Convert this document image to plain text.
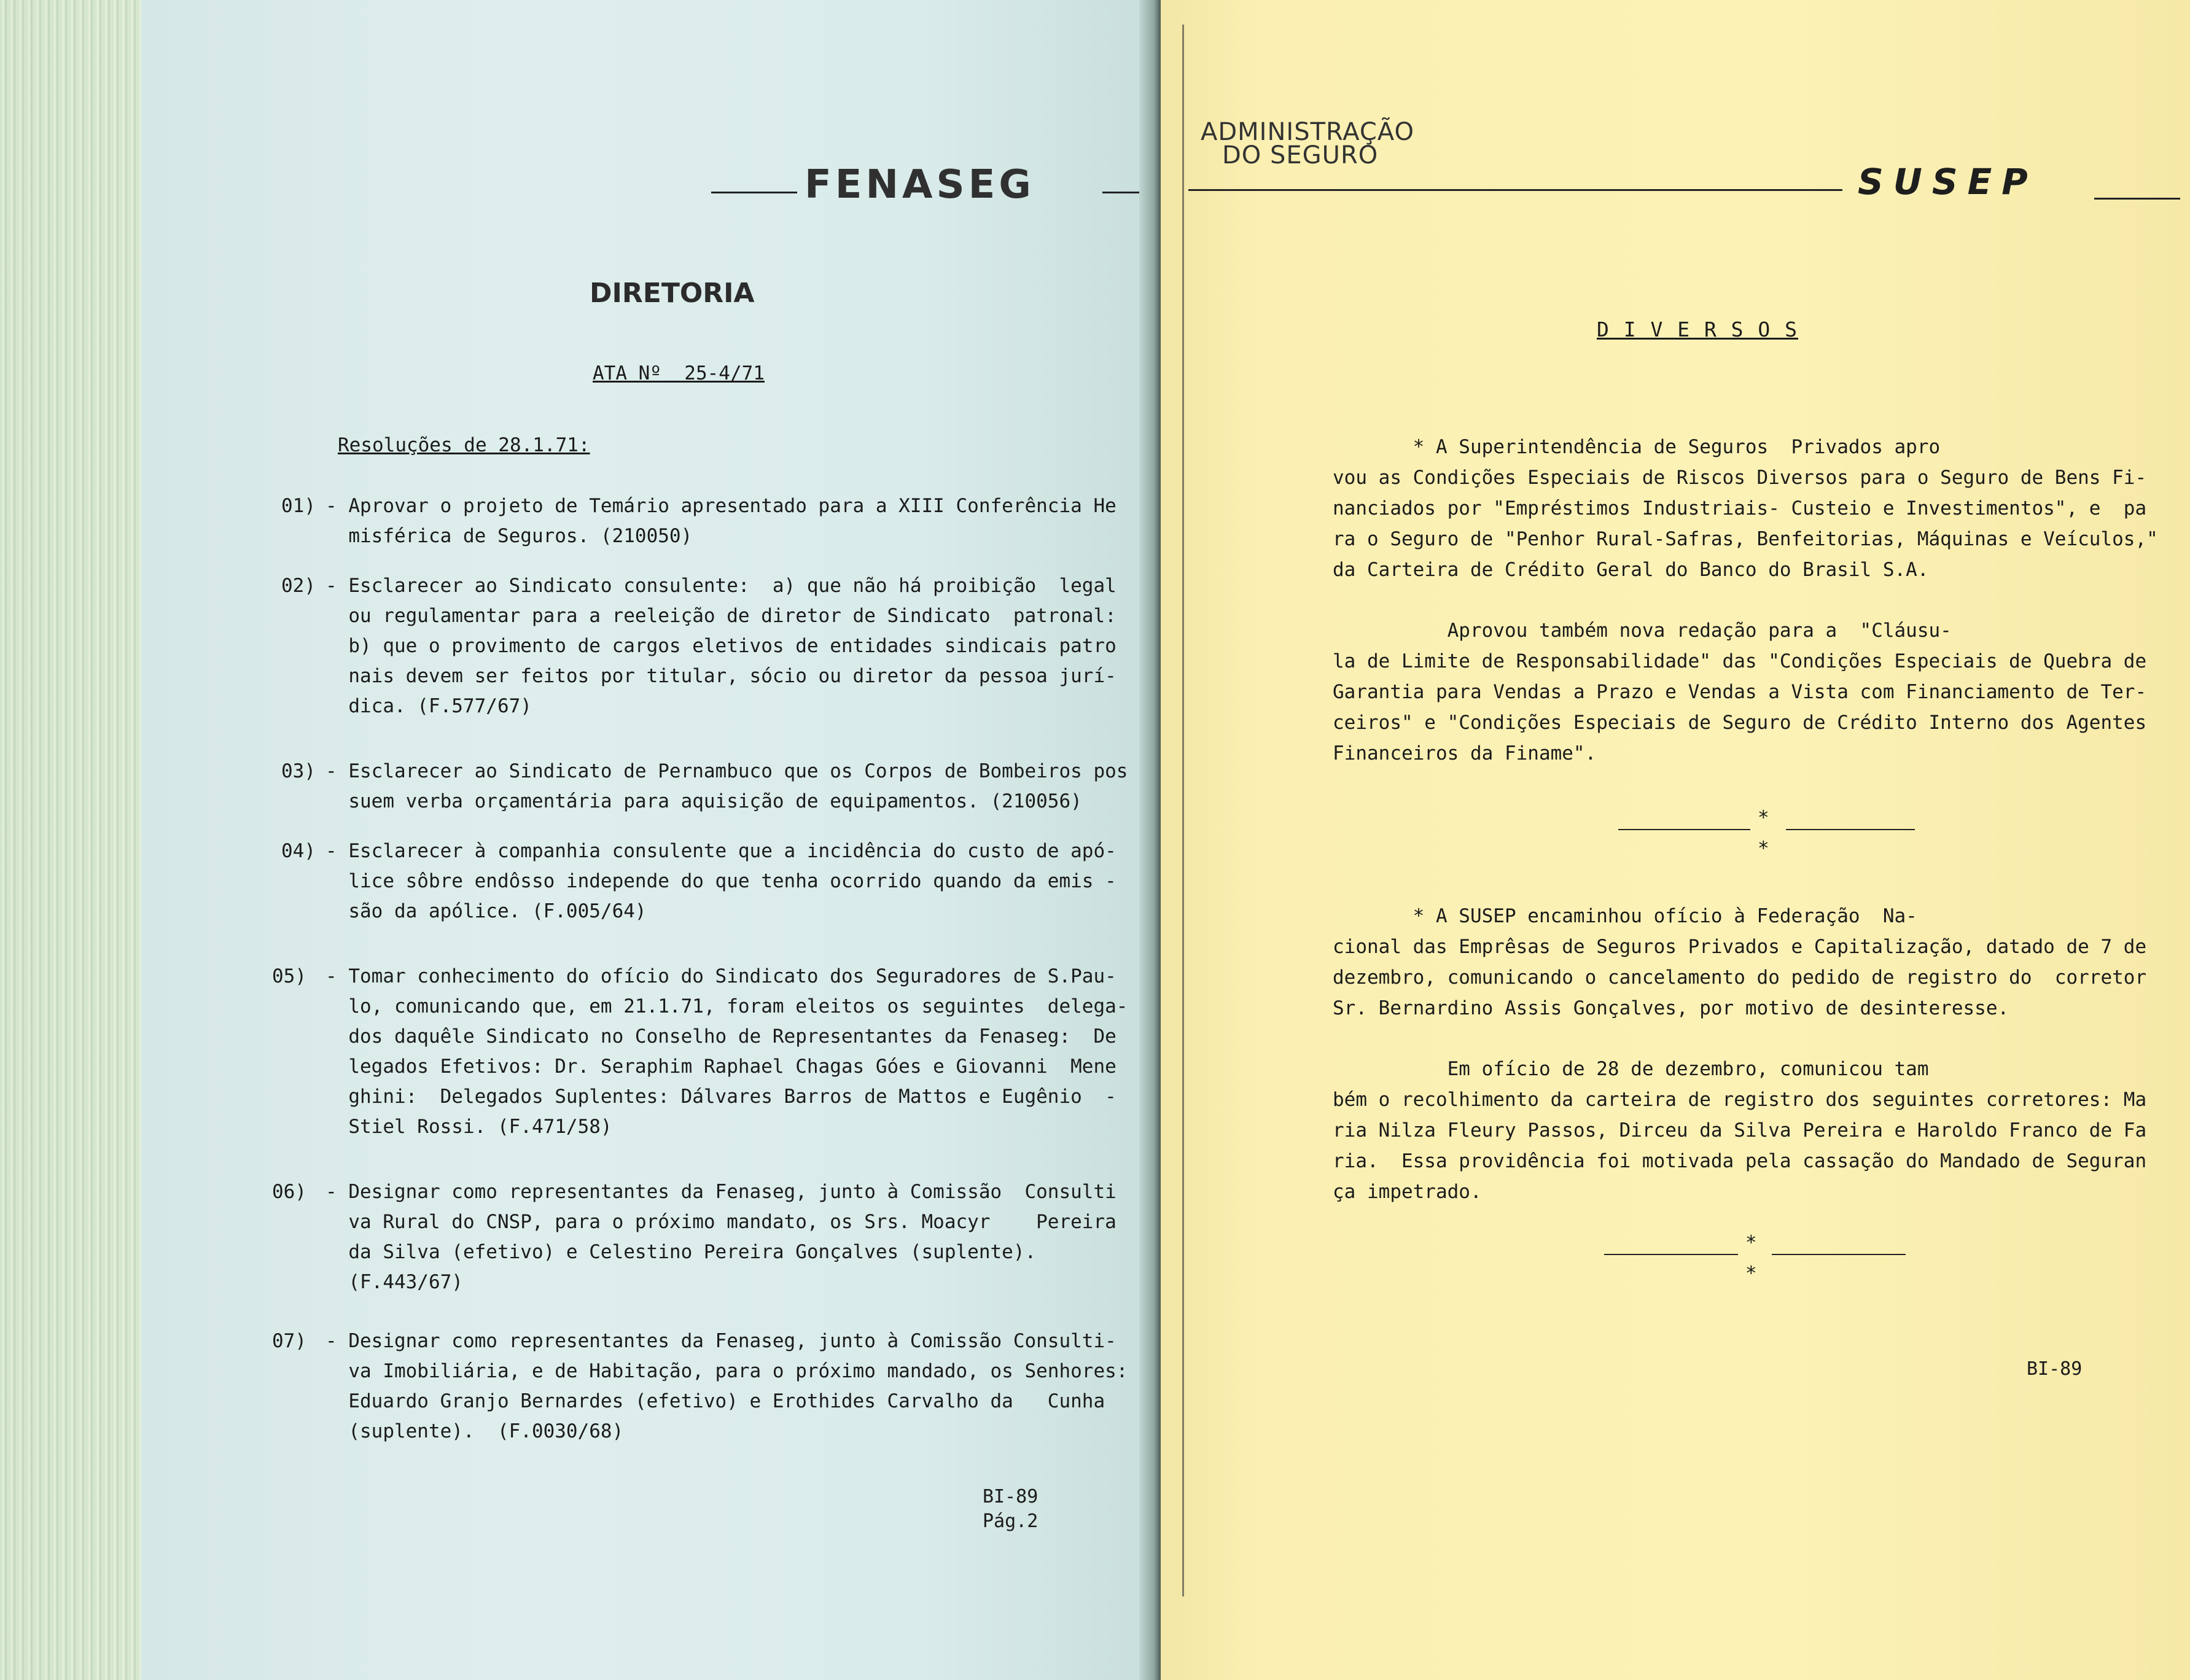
FENASEG
DIRETORIA
ATA Nº  25-4/71
Resoluções de 28.1.71:
01) - Aprovar o projeto de Temário apresentado para a XIII Conferência He
misférica de Seguros. (210050)
02) - Esclarecer ao Sindicato consulente:  a) que não há proibição  legal
ou regulamentar para a reeleição de diretor de Sindicato  patronal:
b) que o provimento de cargos eletivos de entidades sindicais patro
nais devem ser feitos por titular, sócio ou diretor da pessoa jurí-
dica. (F.577/67)
03) - Esclarecer ao Sindicato de Pernambuco que os Corpos de Bombeiros pos
suem verba orçamentária para aquisição de equipamentos. (210056)
04) - Esclarecer à companhia consulente que a incidência do custo de apó-
lice sôbre endôsso independe do que tenha ocorrido quando da emis -
são da apólice. (F.005/64)
05) - Tomar conhecimento do ofício do Sindicato dos Seguradores de S.Pau-
lo, comunicando que, em 21.1.71, foram eleitos os seguintes  delega-
dos daquêle Sindicato no Conselho de Representantes da Fenaseg:  De
legados Efetivos: Dr. Seraphim Raphael Chagas Góes e Giovanni  Mene
ghini:  Delegados Suplentes: Dálvares Barros de Mattos e Eugênio  -
Stiel Rossi. (F.471/58)
06) - Designar como representantes da Fenaseg, junto à Comissão  Consulti
va Rural do CNSP, para o próximo mandato, os Srs. Moacyr    Pereira
da Silva (efetivo) e Celestino Pereira Gonçalves (suplente).
(F.443/67)
07) - Designar como representantes da Fenaseg, junto à Comissão Consulti-
va Imobiliária, e de Habitação, para o próximo mandado, os Senhores:
Eduardo Granjo Bernardes (efetivo) e Erothides Carvalho da   Cunha
(suplente).  (F.0030/68)
BI-89
Pág.2
ADMINISTRAÇÃO
DO SEGURO
SUSEP
D I V E R S O S
* A Superintendência de Seguros  Privados apro
vou as Condições Especiais de Riscos Diversos para o Seguro de Bens Fi-
nanciados por "Empréstimos Industriais- Custeio e Investimentos", e  pa
ra o Seguro de "Penhor Rural-Safras, Benfeitorias, Máquinas e Veículos,"
da Carteira de Crédito Geral do Banco do Brasil S.A.
Aprovou também nova redação para a  "Cláusu-
la de Limite de Responsabilidade" das "Condições Especiais de Quebra de
Garantia para Vendas a Prazo e Vendas a Vista com Financiamento de Ter-
ceiros" e "Condições Especiais de Seguro de Crédito Interno dos Agentes
Financeiros da Finame".
*
*
* A SUSEP encaminhou ofício à Federação  Na-
cional das Emprêsas de Seguros Privados e Capitalização, datado de 7 de
dezembro, comunicando o cancelamento do pedido de registro do  corretor
Sr. Bernardino Assis Gonçalves, por motivo de desinteresse.
Em ofício de 28 de dezembro, comunicou tam
bém o recolhimento da carteira de registro dos seguintes corretores: Ma
ria Nilza Fleury Passos, Dirceu da Silva Pereira e Haroldo Franco de Fa
ria.  Essa providência foi motivada pela cassação do Mandado de Seguran
ça impetrado.
*
*
BI-89
